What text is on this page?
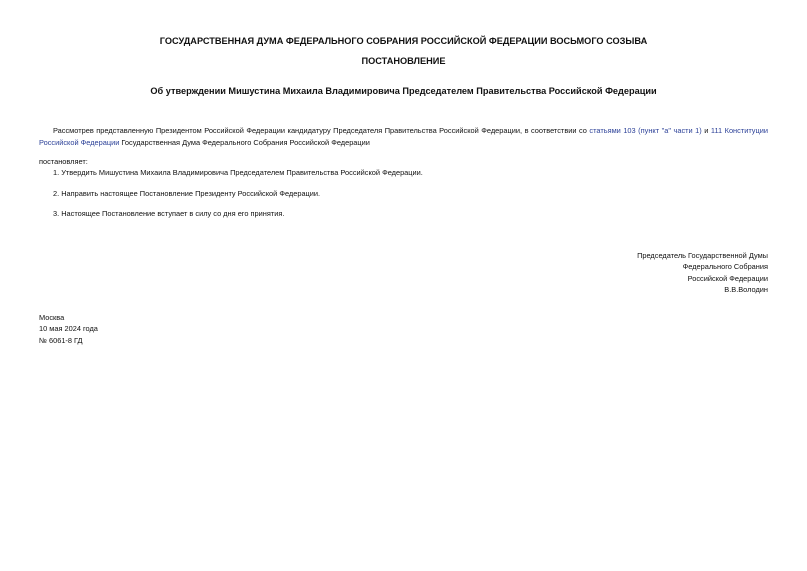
ГОСУДАРСТВЕННАЯ ДУМА ФЕДЕРАЛЬНОГО СОБРАНИЯ РОССИЙСКОЙ ФЕДЕРАЦИИ ВОСЬМОГО СОЗЫВА
ПОСТАНОВЛЕНИЕ
Об утверждении Мишустина Михаила Владимировича Председателем Правительства Российской Федерации
Рассмотрев представленную Президентом Российской Федерации кандидатуру Председателя Правительства Российской Федерации, в соответствии со статьями 103 (пункт "а" части 1) и 111 Конституции Российской Федерации Государственная Дума Федерального Собрания Российской Федерации
постановляет:
1. Утвердить Мишустина Михаила Владимировича Председателем Правительства Российской Федерации.
2. Направить настоящее Постановление Президенту Российской Федерации.
3. Настоящее Постановление вступает в силу со дня его принятия.
Председатель Государственной Думы
Федерального Собрания
Российской Федерации
В.В.Володин
Москва
10 мая 2024 года
№ 6061-8 ГД
